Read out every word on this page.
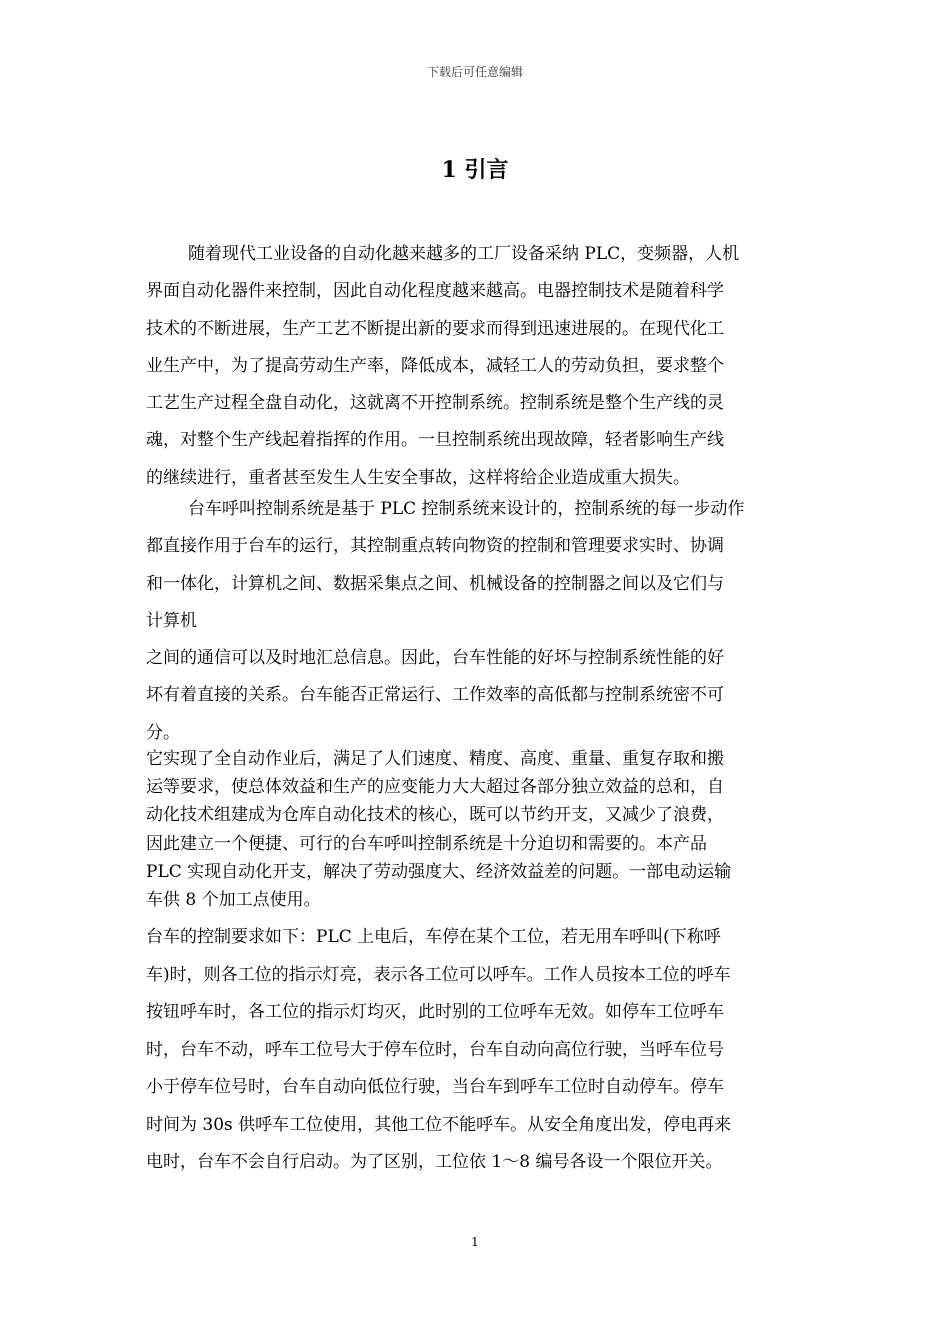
下载后可任意编辑
1 引言

随着现代工业设备的自动化越来越多的工厂设备采纳 PLC，变频器，人机
界面自动化器件来控制，因此自动化程度越来越高。电器控制技术是随着科学
技术的不断进展，生产工艺不断提出新的要求而得到迅速进展的。在现代化工
业生产中，为了提高劳动生产率，降低成本，减轻工人的劳动负担，要求整个
工艺生产过程全盘自动化，这就离不开控制系统。控制系统是整个生产线的灵
魂，对整个生产线起着指挥的作用。一旦控制系统出现故障，轻者影响生产线
的继续进行，重者甚至发生人生安全事故，这样将给企业造成重大损失。

台车呼叫控制系统是基于 PLC 控制系统来设计的，控制系统的每一步动作
都直接作用于台车的运行，其控制重点转向物资的控制和管理要求实时、协调
和一体化，计算机之间、数据采集点之间、机械设备的控制器之间以及它们与
计算机

之间的通信可以及时地汇总信息。因此，台车性能的好坏与控制系统性能的好
坏有着直接的关系。台车能否正常运行、工作效率的高低都与控制系统密不可
分。

它实现了全自动作业后，满足了人们速度、精度、高度、重量、重复存取和搬
运等要求，使总体效益和生产的应变能力大大超过各部分独立效益的总和，自
动化技术组建成为仓库自动化技术的核心，既可以节约开支，又减少了浪费，
因此建立一个便捷、可行的台车呼叫控制系统是十分迫切和需要的。本产品
PLC 实现自动化开支，解决了劳动强度大、经济效益差的问题。一部电动运输
车供 8 个加工点使用。

台车的控制要求如下：PLC 上电后，车停在某个工位，若无用车呼叫(下称呼
车)时，则各工位的指示灯亮，表示各工位可以呼车。工作人员按本工位的呼车
按钮呼车时，各工位的指示灯均灭，此时别的工位呼车无效。如停车工位呼车
时，台车不动，呼车工位号大于停车位时，台车自动向高位行驶，当呼车位号
小于停车位号时，台车自动向低位行驶，当台车到呼车工位时自动停车。停车
时间为 30s 供呼车工位使用，其他工位不能呼车。从安全角度出发，停电再来
电时，台车不会自行启动。为了区别，工位依 1～8 编号各设一个限位开关。

1
